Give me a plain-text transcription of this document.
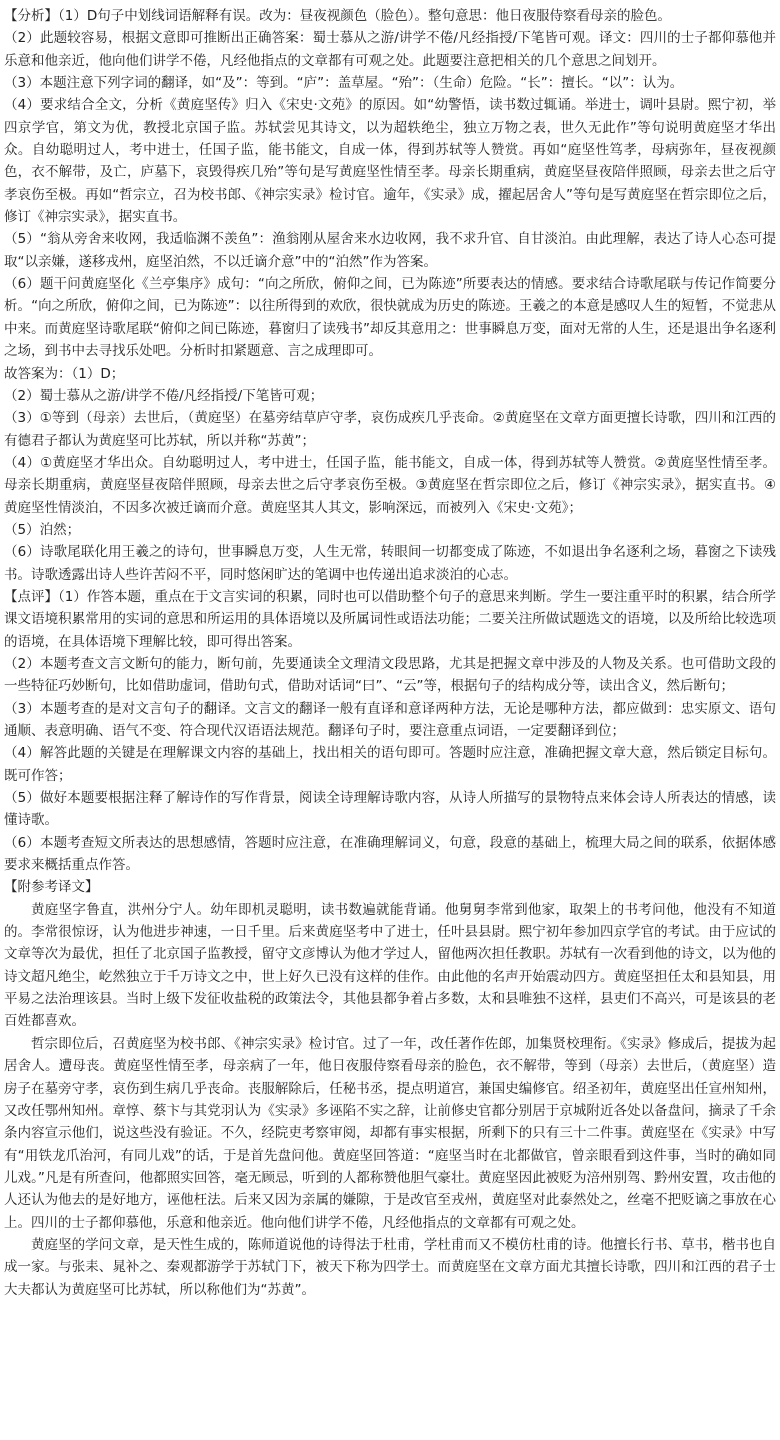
【分析】（1）D句子中划线词语解释有误。改为：昼夜视颜色（脸色）。整句意思：他日夜服侍察看母亲的脸色。

（2）此题较容易，根据文意即可推断出正确答案：蜀士慕从之游/讲学不倦/凡经指授/下笔皆可观。译文：四川的士子都仰慕他并乐意和他亲近，他向他们讲学不倦，凡经他指点的文章都有可观之处。此题要注意把相关的几个意思之间划开。

（3）本题注意下列字词的翻译，如“及”：等到。“庐”：盖草屋。“殆”：（生命）危险。“长”：擅长。“以”：认为。

（4）要求结合全文，分析《黄庭坚传》归入《宋史·文苑》的原因。如“幼警悟，读书数过辄诵。举进士，调叶县尉。熙宁初，举四京学官，第文为优，教授北京国子监。苏轼尝见其诗文，以为超轶绝尘，独立万物之表，世久无此作”等句说明黄庭坚才华出众。自幼聪明过人，考中进士，任国子监，能书能文，自成一体，得到苏轼等人赞赏。再如“庭坚性笃孝，母病弥年，昼夜视颜色，衣不解带，及亡，庐墓下，哀毁得疾几殆”等句是写黄庭坚性情至孝。母亲长期重病，黄庭坚昼夜陪伴照顾，母亲去世之后守孝哀伤至极。再如“哲宗立，召为校书郎、《神宗实录》检讨官。逾年，《实录》成，擢起居舍人”等句是写黄庭坚在哲宗即位之后，修订《神宗实录》，据实直书。

（5）“翁从旁舍来收网，我适临渊不羡鱼”：渔翁刚从屋舍来水边收网，我不求升官、自甘淡泊。由此理解，表达了诗人心态可提取“以亲嫌，遂移戎州，庭坚泊然，不以迁谪介意”中的“泊然”作为答案。

（6）题干问黄庭坚化《兰亭集序》成句：“向之所欣，俯仰之间，已为陈迹”所要表达的情感。要求结合诗歌尾联与传记作简要分析。“向之所欣，俯仰之间，已为陈迹”：以往所得到的欢欣，很快就成为历史的陈迹。王羲之的本意是感叹人生的短暂，不觉悲从中来。而黄庭坚诗歌尾联“俯仰之间已陈迹，暮窗归了读残书”却反其意用之：世事瞬息万变，面对无常的人生，还是退出争名逐利之场，到书中去寻找乐处吧。分析时扣紧题意、言之成理即可。

故答案为：（1）D；

（2）蜀士慕从之游/讲学不倦/凡经指授/下笔皆可观；

（3）①等到（母亲）去世后，（黄庭坚）在墓旁结草庐守孝，哀伤成疾几乎丧命。②黄庭坚在文章方面更擅长诗歌，四川和江西的有德君子都认为黄庭坚可比苏轼，所以并称“苏黄”；

（4）①黄庭坚才华出众。自幼聪明过人，考中进士，任国子监，能书能文，自成一体，得到苏轼等人赞赏。②黄庭坚性情至孝。母亲长期重病，黄庭坚昼夜陪伴照顾，母亲去世之后守孝哀伤至极。③黄庭坚在哲宗即位之后，修订《神宗实录》，据实直书。④黄庭坚性情淡泊，不因多次被迁谪而介意。黄庭坚其人其文，影响深远，而被列入《宋史·文苑》；

（5）泊然；

（6）诗歌尾联化用王羲之的诗句，世事瞬息万变，人生无常，转眼间一切都变成了陈迹，不如退出争名逐利之场，暮窗之下读残书。诗歌透露出诗人些许苦闷不平，同时悠闲旷达的笔调中也传递出追求淡泊的心志。

【点评】（1）作答本题，重点在于文言实词的积累，同时也可以借助整个句子的意思来判断。学生一要注重平时的积累，结合所学课文语境积累常用的实词的意思和所运用的具体语境以及所属词性或语法功能；二要关注所做试题选文的语境，以及所给比较选项的语境，在具体语境下理解比较，即可得出答案。

（2）本题考查文言文断句的能力，断句前，先要通读全文理清文段思路，尤其是把握文章中涉及的人物及关系。也可借助文段的一些特征巧妙断句，比如借助虚词，借助句式，借助对话词“曰”、“云”等，根据句子的结构成分等，读出含义，然后断句；

（3）本题考查的是对文言句子的翻译。文言文的翻译一般有直译和意译两种方法，无论是哪种方法，都应做到：忠实原文、语句通顺、表意明确、语气不变、符合现代汉语语法规范。翻译句子时，要注意重点词语，一定要翻译到位；

（4）解答此题的关键是在理解课文内容的基础上，找出相关的语句即可。答题时应注意，准确把握文章大意，然后锁定目标句。既可作答；

（5）做好本题要根据注释了解诗作的写作背景，阅读全诗理解诗歌内容，从诗人所描写的景物特点来体会诗人所表达的情感，读懂诗歌。

（6）本题考查短文所表达的思想感情，答题时应注意，在准确理解词义，句意，段意的基础上，梳理大局之间的联系，依据体感要求来概括重点作答。

【附参考译文】

黄庭坚字鲁直，洪州分宁人。幼年即机灵聪明，读书数遍就能背诵。他舅舅李常到他家，取架上的书考问他，他没有不知道的。李常很惊讶，认为他进步神速，一日千里。后来黄庭坚考中了进士，任叶县县尉。熙宁初年参加四京学官的考试。由于应试的文章等次为最优，担任了北京国子监教授，留守文彦博认为他才学过人，留他两次担任教职。苏轼有一次看到他的诗文，以为他的诗文超凡绝尘，屹然独立于千万诗文之中，世上好久已没有这样的佳作。由此他的名声开始震动四方。黄庭坚担任太和县知县，用平易之法治理该县。当时上级下发征收盐税的政策法令，其他县都争着占多数，太和县唯独不这样，县吏们不高兴，可是该县的老百姓都喜欢。

哲宗即位后，召黄庭坚为校书郎、《神宗实录》检讨官。过了一年，改任著作佐郎，加集贤校理衔。《实录》修成后，提拔为起居舍人。遭母丧。黄庭坚性情至孝，母亲病了一年，他日夜服侍察看母亲的脸色，衣不解带，等到（母亲）去世后，（黄庭坚）造房子在墓旁守孝，哀伤到生病几乎丧命。丧服解除后，任秘书丞，提点明道宫，兼国史编修官。绍圣初年，黄庭坚出任宣州知州，又改任鄂州知州。章惇、蔡卞与其党羽认为《实录》多诬陷不实之辞，让前修史官都分别居于京城附近各处以备盘问，摘录了千余条内容宣示他们，说这些没有验证。不久，经院吏考察审阅，却都有事实根据，所剩下的只有三十二件事。黄庭坚在《实录》中写有“用铁龙爪治河，有同儿戏”的话，于是首先盘问他。黄庭坚回答道：“庭坚当时在北都做官，曾亲眼看到这件事，当时的确如同儿戏。”凡是有所查问，他都照实回答，毫无顾忌，听到的人都称赞他胆气豪壮。黄庭坚因此被贬为涪州别驾、黔州安置，攻击他的人还认为他去的是好地方，诬他枉法。后来又因为亲属的嫌隙，于是改官至戎州，黄庭坚对此泰然处之，丝毫不把贬谪之事放在心上。四川的士子都仰慕他，乐意和他亲近。他向他们讲学不倦，凡经他指点的文章都有可观之处。

黄庭坚的学问文章，是天性生成的，陈师道说他的诗得法于杜甫，学杜甫而又不模仿杜甫的诗。他擅长行书、草书，楷书也自成一家。与张耒、晁补之、秦观都游学于苏轼门下，被天下称为四学士。而黄庭坚在文章方面尤其擅长诗歌，四川和江西的君子士大夫都认为黄庭坚可比苏轼，所以称他们为“苏黄”。
